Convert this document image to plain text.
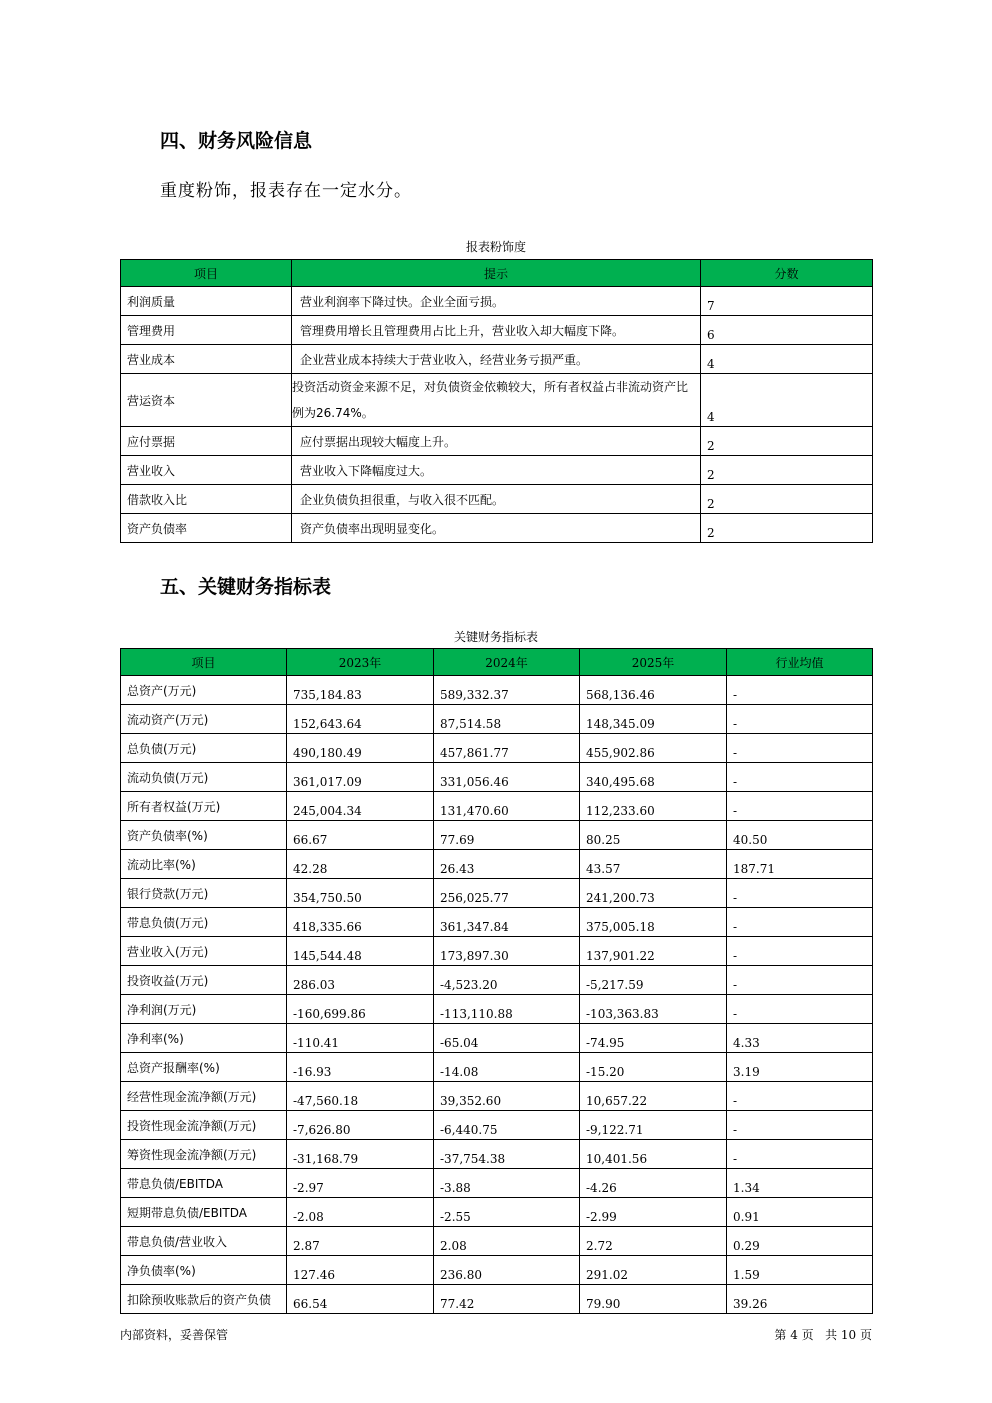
四、财务风险信息

重度粉饰，报表存在一定水分。

报表粉饰度

项目	提示	分数
利润质量	营业利润率下降过快。企业全面亏损。	7
管理费用	管理费用增长且管理费用占比上升，营业收入却大幅度下降。	6
营业成本	企业营业成本持续大于营业收入，经营业务亏损严重。	4
营运资本	投资活动资金来源不足，对负债资金依赖较大，所有者权益占非流动资产比例为26.74%。	4
应付票据	应付票据出现较大幅度上升。	2
营业收入	营业收入下降幅度过大。	2
借款收入比	企业负债负担很重，与收入很不匹配。	2
资产负债率	资产负债率出现明显变化。	2
五、关键财务指标表

关键财务指标表

项目	2023年	2024年	2025年	行业均值
总资产(万元)	735,184.83	589,332.37	568,136.46	-
流动资产(万元)	152,643.64	87,514.58	148,345.09	-
总负债(万元)	490,180.49	457,861.77	455,902.86	-
流动负债(万元)	361,017.09	331,056.46	340,495.68	-
所有者权益(万元)	245,004.34	131,470.60	112,233.60	-
资产负债率(%)	66.67	77.69	80.25	40.50
流动比率(%)	42.28	26.43	43.57	187.71
银行贷款(万元)	354,750.50	256,025.77	241,200.73	-
带息负债(万元)	418,335.66	361,347.84	375,005.18	-
营业收入(万元)	145,544.48	173,897.30	137,901.22	-
投资收益(万元)	286.03	-4,523.20	-5,217.59	-
净利润(万元)	-160,699.86	-113,110.88	-103,363.83	-
净利率(%)	-110.41	-65.04	-74.95	4.33
总资产报酬率(%)	-16.93	-14.08	-15.20	3.19
经营性现金流净额(万元)	-47,560.18	39,352.60	10,657.22	-
投资性现金流净额(万元)	-7,626.80	-6,440.75	-9,122.71	-
筹资性现金流净额(万元)	-31,168.79	-37,754.38	10,401.56	-
带息负债/EBITDA	-2.97	-3.88	-4.26	1.34
短期带息负债/EBITDA	-2.08	-2.55	-2.99	0.91
带息负债/营业收入	2.87	2.08	2.72	0.29
净负债率(%)	127.46	236.80	291.02	1.59
扣除预收账款后的资产负债	66.54	77.42	79.90	39.26
内部资料，妥善保管	第 4 页   共 10 页
